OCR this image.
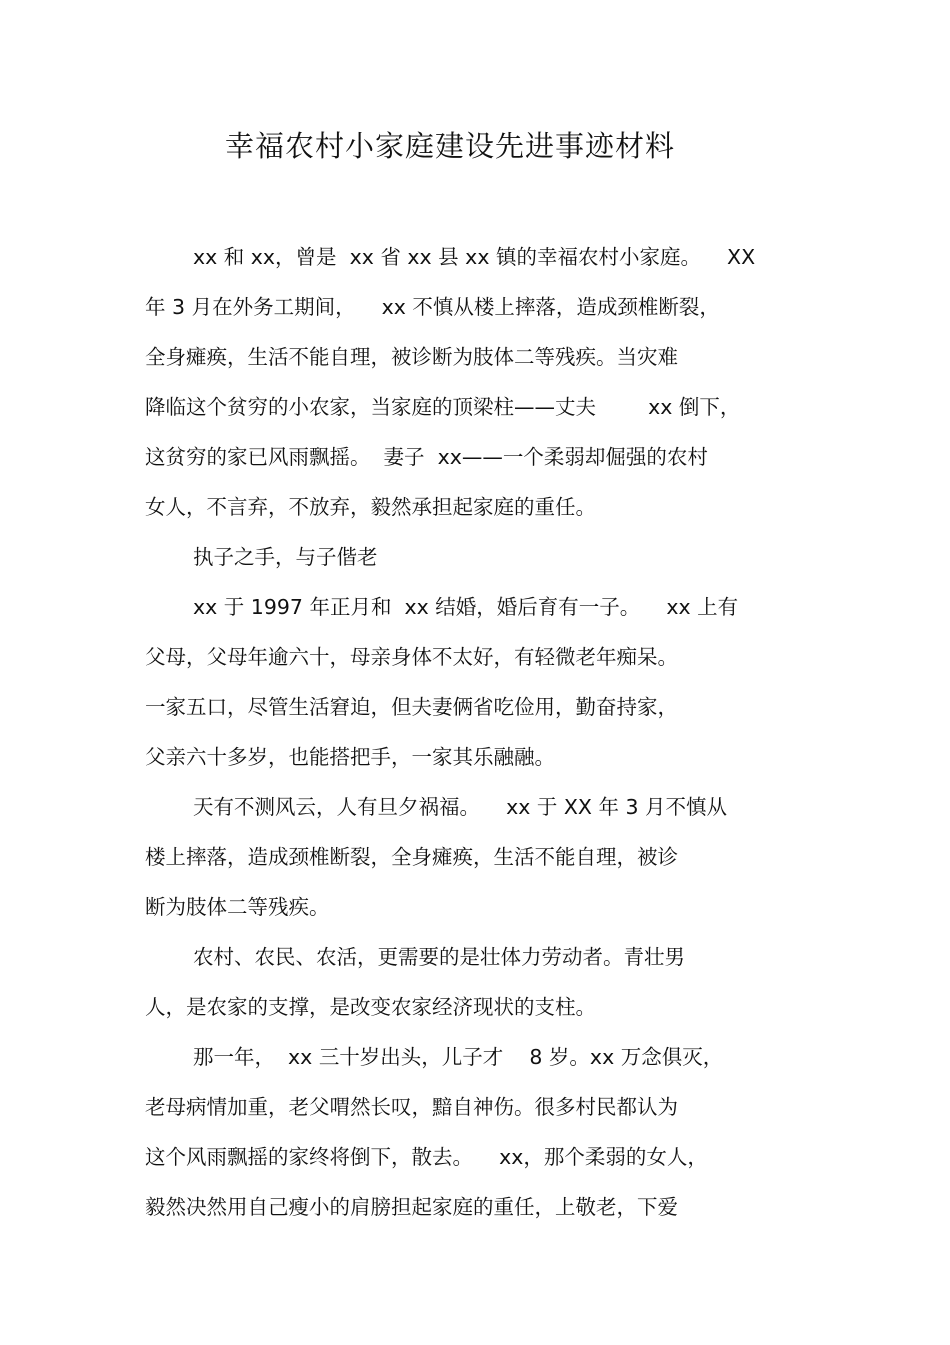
幸福农村小家庭建设先进事迹材料
xx 和 xx，曾是  xx 省 xx 县 xx 镇的幸福农村小家庭。    XX
年 3 月在外务工期间，    xx 不慎从楼上摔落，造成颈椎断裂，
全身瘫痪，生活不能自理，被诊断为肢体二等残疾。当灾难
降临这个贫穷的小农家，当家庭的顶梁柱——丈夫        xx 倒下，
这贫穷的家已风雨飘摇。  妻子  xx——一个柔弱却倔强的农村
女人，不言弃，不放弃，毅然承担起家庭的重任。
执子之手，与子偕老
xx 于 1997 年正月和  xx 结婚，婚后育有一子。    xx 上有
父母，父母年逾六十，母亲身体不太好，有轻微老年痴呆。
一家五口，尽管生活窘迫，但夫妻俩省吃俭用，勤奋持家，
父亲六十多岁，也能搭把手，一家其乐融融。
天有不测风云，人有旦夕祸福。    xx 于 XX 年 3 月不慎从
楼上摔落，造成颈椎断裂，全身瘫痪，生活不能自理，被诊
断为肢体二等残疾。
农村、农民、农活，更需要的是壮体力劳动者。青壮男
人，是农家的支撑，是改变农家经济现状的支柱。
那一年，  xx 三十岁出头，儿子才    8 岁。xx 万念俱灭，
老母病情加重，老父喟然长叹，黯自神伤。很多村民都认为
这个风雨飘摇的家终将倒下，散去。    xx，那个柔弱的女人，
毅然决然用自己瘦小的肩膀担起家庭的重任，上敬老，下爱
